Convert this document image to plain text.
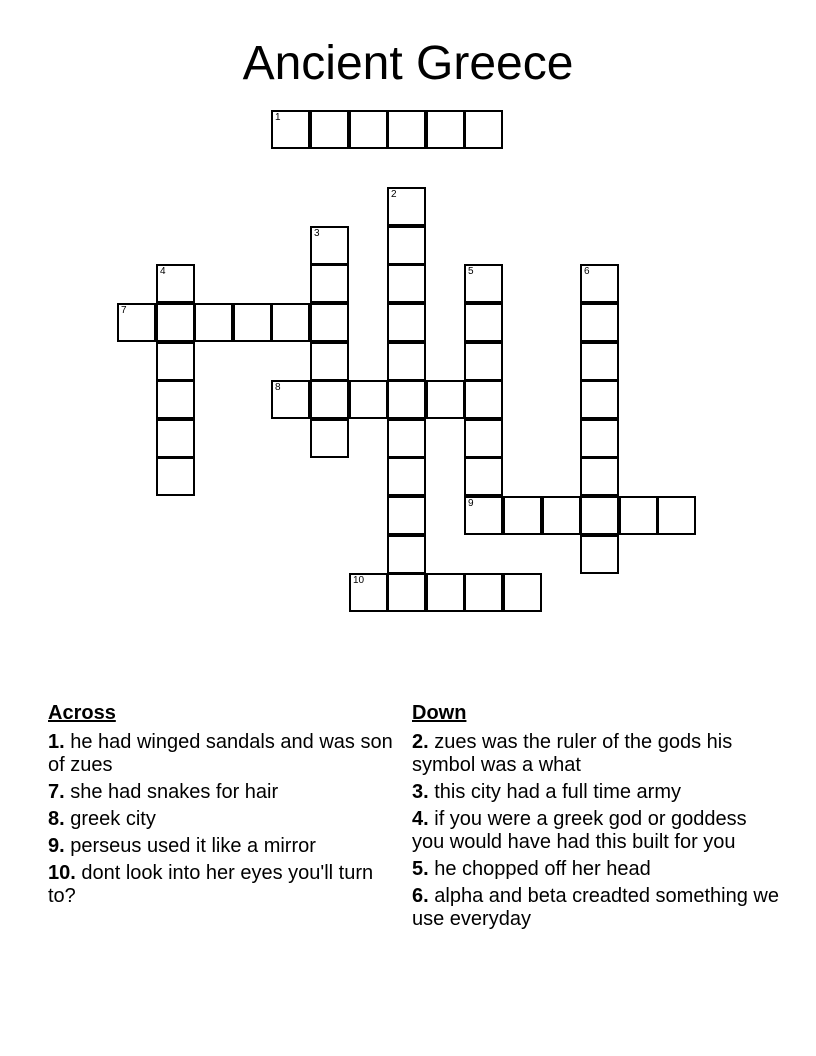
Ancient Greece
1
2
3
4	5
9
6
7
8
10
Across
1. he had winged sandals and was son of zues
7. she had snakes for hair
8. greek city
9. perseus used it like a mirror
10. dont look into her eyes you'll turn to?
Down
2. zues was the ruler of the gods his symbol was a what
3. this city had a full time army
4. if you were a greek god or goddess you would have had this built for you
5. he chopped off her head
6. alpha and beta creadted something we use everyday
